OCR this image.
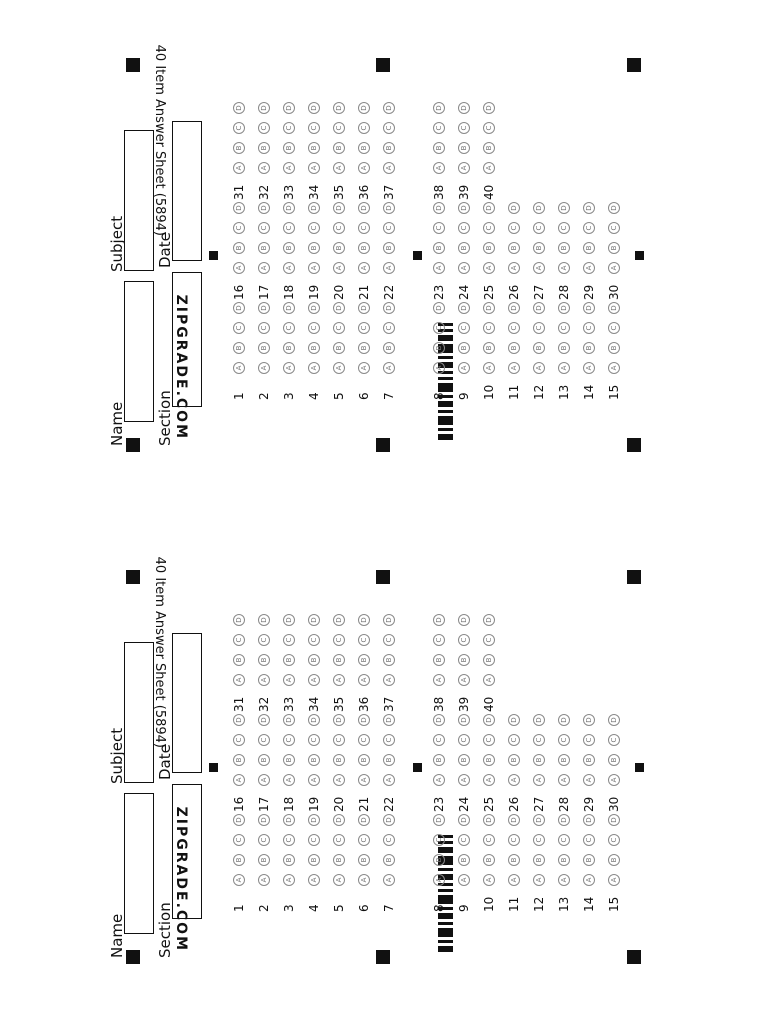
Name
Subject
Section
Date
40 Item Answer Sheet (5894)
ZIPGRADE.COM	1
A
B
C
D
2
A
B
C
D
3
A
B
C
D
4
A
B
C
D
5
A
B
C
D
6
A
B
C
D
7
A
B
C
D
8
A
B
C
D
9
A
B
C
D
10
A
B
C
D
11
A
B
C
D
12
A
B
C
D
13
A
B
C
D
14
A
B
C
D
15
A
B
C
D
16
A
B
C
D
17
A
B
C
D
18
A
B
C
D
19
A
B
C
D
20
A
B
C
D
21
A
B
C
D
22
A
B
C
D
23
A
B
C
D
24
A
B
C
D
25
A
B
C
D
26
A
B
C
D
27
A
B
C
D
28
A
B
C
D
29
A
B
C
D
30
A
B
C
D
31
A
B
C
D
32
A
B
C
D
33
A
B
C
D
34
A
B
C
D
35
A
B
C
D
36
A
B
C
D
37
A
B
C
D
38
A
B
C
D
39
A
B
C
D
40
A
B
C
D
Name
Subject
Section
Date
40 Item Answer Sheet (5894)
ZIPGRADE.COM	1
A
B
C
D
2
A
B
C
D
3
A
B
C
D
4
A
B
C
D
5
A
B
C
D
6
A
B
C
D
7
A
B
C
D
8
A
B
C
D
9
A
B
C
D
10
A
B
C
D
11
A
B
C
D
12
A
B
C
D
13
A
B
C
D
14
A
B
C
D
15
A
B
C
D
16
A
B
C
D
17
A
B
C
D
18
A
B
C
D
19
A
B
C
D
20
A
B
C
D
21
A
B
C
D
22
A
B
C
D
23
A
B
C
D
24
A
B
C
D
25
A
B
C
D
26
A
B
C
D
27
A
B
C
D
28
A
B
C
D
29
A
B
C
D
30
A
B
C
D
31
A
B
C
D
32
A
B
C
D
33
A
B
C
D
34
A
B
C
D
35
A
B
C
D
36
A
B
C
D
37
A
B
C
D
38
A
B
C
D
39
A
B
C
D
40
A
B
C
D
